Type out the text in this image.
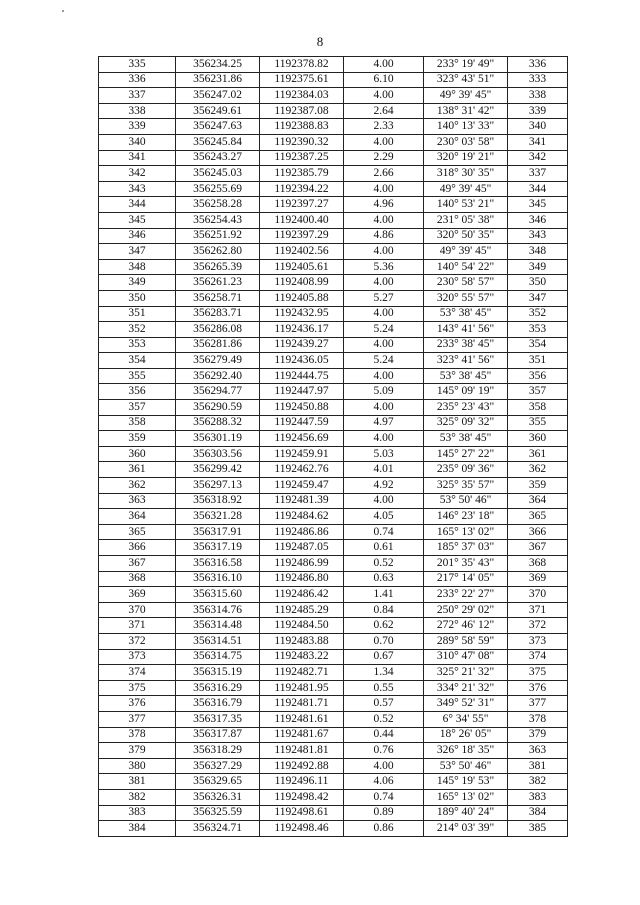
8
335	356234.25	1192378.82	4.00	233° 19' 49"	336
336	356231.86	1192375.61	6.10	323° 43' 51"	333
337	356247.02	1192384.03	4.00	49° 39' 45"	338
338	356249.61	1192387.08	2.64	138° 31' 42"	339
339	356247.63	1192388.83	2.33	140° 13' 33"	340
340	356245.84	1192390.32	4.00	230° 03' 58"	341
341	356243.27	1192387.25	2.29	320° 19' 21"	342
342	356245.03	1192385.79	2.66	318° 30' 35"	337
343	356255.69	1192394.22	4.00	49° 39' 45"	344
344	356258.28	1192397.27	4.96	140° 53' 21"	345
345	356254.43	1192400.40	4.00	231° 05' 38"	346
346	356251.92	1192397.29	4.86	320° 50' 35"	343
347	356262.80	1192402.56	4.00	49° 39' 45"	348
348	356265.39	1192405.61	5.36	140° 54' 22"	349
349	356261.23	1192408.99	4.00	230° 58' 57"	350
350	356258.71	1192405.88	5.27	320° 55' 57"	347
351	356283.71	1192432.95	4.00	53° 38' 45"	352
352	356286.08	1192436.17	5.24	143° 41' 56"	353
353	356281.86	1192439.27	4.00	233° 38' 45"	354
354	356279.49	1192436.05	5.24	323° 41' 56"	351
355	356292.40	1192444.75	4.00	53° 38' 45"	356
356	356294.77	1192447.97	5.09	145° 09' 19"	357
357	356290.59	1192450.88	4.00	235° 23' 43"	358
358	356288.32	1192447.59	4.97	325° 09' 32"	355
359	356301.19	1192456.69	4.00	53° 38' 45"	360
360	356303.56	1192459.91	5.03	145° 27' 22"	361
361	356299.42	1192462.76	4.01	235° 09' 36"	362
362	356297.13	1192459.47	4.92	325° 35' 57"	359
363	356318.92	1192481.39	4.00	53° 50' 46"	364
364	356321.28	1192484.62	4.05	146° 23' 18"	365
365	356317.91	1192486.86	0.74	165° 13' 02"	366
366	356317.19	1192487.05	0.61	185° 37' 03"	367
367	356316.58	1192486.99	0.52	201° 35' 43"	368
368	356316.10	1192486.80	0.63	217° 14' 05"	369
369	356315.60	1192486.42	1.41	233° 22' 27"	370
370	356314.76	1192485.29	0.84	250° 29' 02"	371
371	356314.48	1192484.50	0.62	272° 46' 12"	372
372	356314.51	1192483.88	0.70	289° 58' 59"	373
373	356314.75	1192483.22	0.67	310° 47' 08"	374
374	356315.19	1192482.71	1.34	325° 21' 32"	375
375	356316.29	1192481.95	0.55	334° 21' 32"	376
376	356316.79	1192481.71	0.57	349° 52' 31"	377
377	356317.35	1192481.61	0.52	6° 34' 55"	378
378	356317.87	1192481.67	0.44	18° 26' 05"	379
379	356318.29	1192481.81	0.76	326° 18' 35"	363
380	356327.29	1192492.88	4.00	53° 50' 46"	381
381	356329.65	1192496.11	4.06	145° 19' 53"	382
382	356326.31	1192498.42	0.74	165° 13' 02"	383
383	356325.59	1192498.61	0.89	189° 40' 24"	384
384	356324.71	1192498.46	0.86	214° 03' 39"	385
